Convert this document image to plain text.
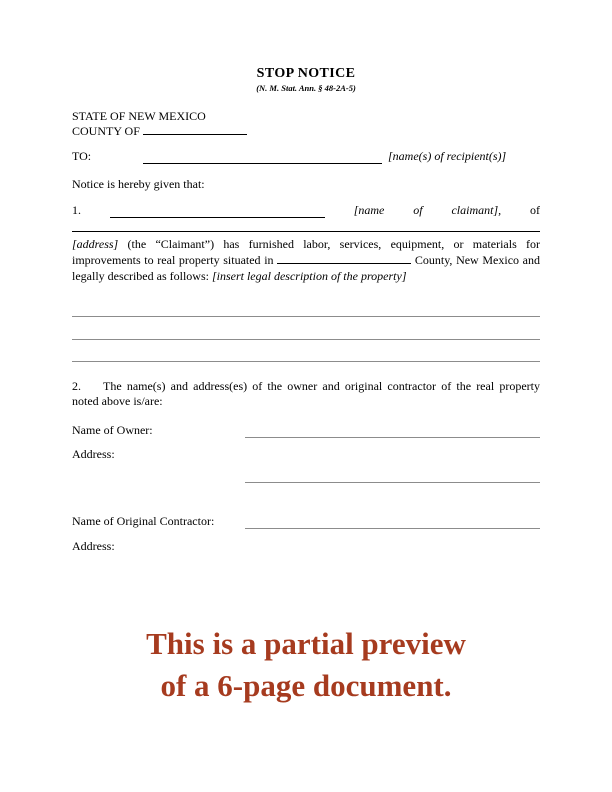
STOP NOTICE
(N. M. Stat. Ann. § 48-2A-5)
STATE OF NEW MEXICO
COUNTY OF
TO:	[name(s) of recipient(s)]
Notice is hereby given that:
1.	[name of claimant], of
[address] (the “Claimant”) has furnished labor, services, equipment, or materials for improvements to real property situated in	County, New Mexico and legally described as follows: [insert legal description of the property]
2. The name(s) and address(es) of the owner and original contractor of the real property noted above is/are:
Name of Owner:
Address:
Name of Original Contractor:
Address:
This is a partial preview
of a 6-page document.
